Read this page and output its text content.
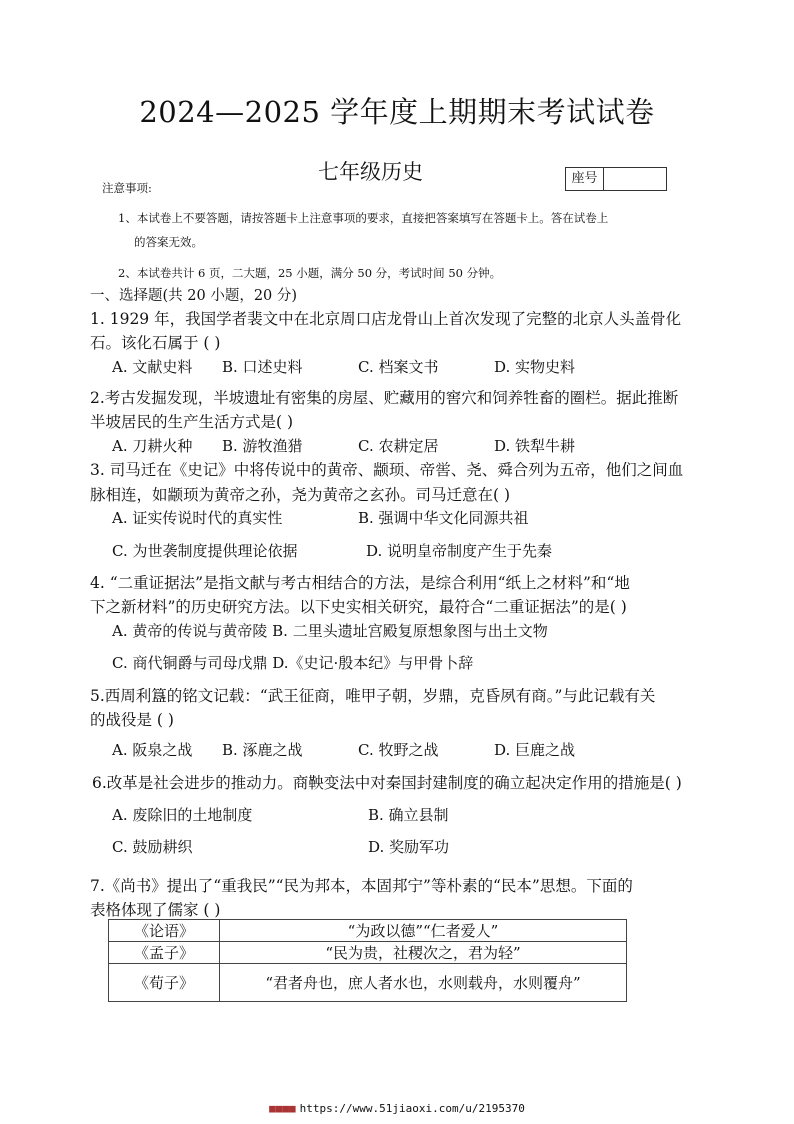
2024—2025 学年度上期期末考试试卷
七年级历史	座号
注意事项:
1、本试卷上不要答题，请按答题卡上注意事项的要求，直接把答案填写在答题卡上。答在试卷上
的答案无效。
2、本试卷共计 6 页，二大题，25 小题，满分 50 分，考试时间 50 分钟。
一、选择题(共 20 小题，20 分)
1. 1929 年，我国学者裴文中在北京周口店龙骨山上首次发现了完整的北京人头盖骨化
石。该化石属于 ( )
A. 文献史料 B. 口述史料	C. 档案文书	D. 实物史料
2.考古发掘发现，半坡遗址有密集的房屋、贮藏用的窖穴和饲养牲畜的圈栏。据此推断
半坡居民的生产生活方式是( )
A. 刀耕火种 B. 游牧渔猎	C. 农耕定居	D. 铁犁牛耕
3. 司马迁在《史记》中将传说中的黄帝、颛顼、帝喾、尧、舜合列为五帝，他们之间血
脉相连，如颛顼为黄帝之孙，尧为黄帝之玄孙。司马迁意在( )
A. 证实传说时代的真实性	B. 强调中华文化同源共祖
C. 为世袭制度提供理论依据	D. 说明皇帝制度产生于先秦
4. “二重证据法”是指文献与考古相结合的方法，是综合利用“纸上之材料”和“地
下之新材料”的历史研究方法。以下史实相关研究，最符合“二重证据法”的是( )
A. 黄帝的传说与黄帝陵 B. 二里头遗址宫殿复原想象图与出土文物
C. 商代铜爵与司母戊鼎 D.《史记·殷本纪》与甲骨卜辞
5.西周利簋的铭文记载：“武王征商，唯甲子朝，岁鼎，克昏夙有商。”与此记载有关
的战役是 ( )
A. 阪泉之战 B. 涿鹿之战	C. 牧野之战	D. 巨鹿之战
6.改革是社会进步的推动力。商鞅变法中对秦国封建制度的确立起决定作用的措施是( )
A. 废除旧的土地制度	B. 确立县制
C. 鼓励耕织	D. 奖励军功
7.《尚书》提出了“重我民”“民为邦本，本固邦宁”等朴素的“民本”思想。下面的
表格体现了儒家 ( )
《论语》	“为政以德”“仁者爱人”
《孟子》	“民为贵，社稷次之，君为轻”
《荀子》	“君者舟也，庶人者水也，水则载舟，水则覆舟”
■■■■ https://www.51jiaoxi.com/u/2195370
